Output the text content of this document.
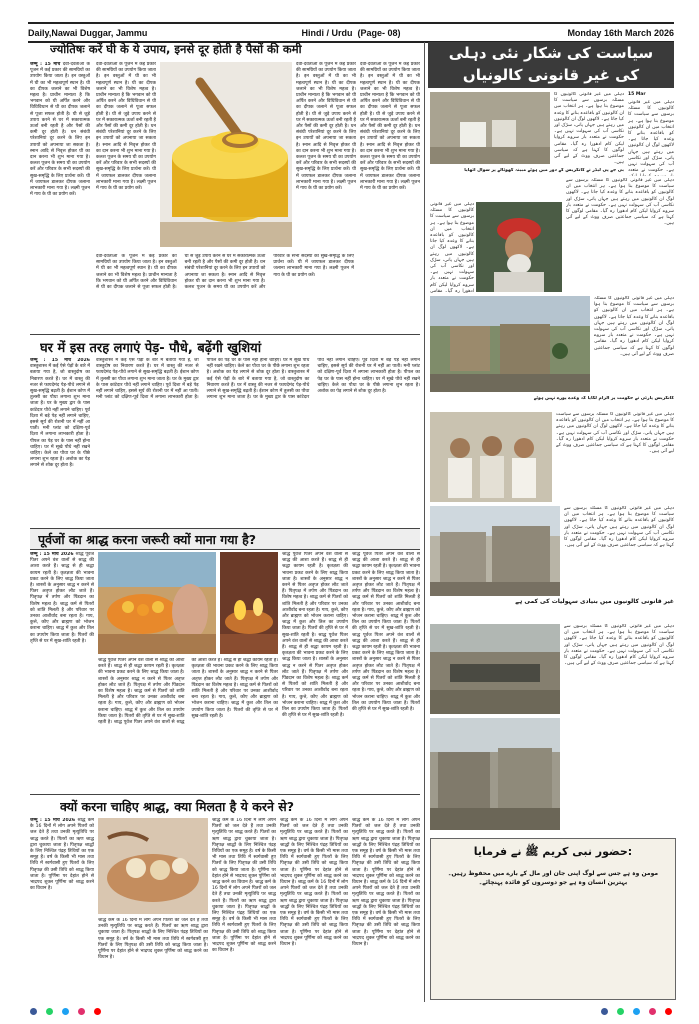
Daily,Nawai Duggar, Jammu	Hindi / Urdu (Page- 08)	Monday 16th March 2026
ज्योतिषः करें घी के ये उपाय, इनसे दूर होती है पैसों की कमी
जम्मू : 15 मार्च देवी-देवताओं के पूजन में कई प्रकार की सामग्रियों का उपयोग किया जाता है। इन वस्तुओं में घी का भी महत्वपूर्ण स्थान है। घी का दीपक जलाने का भी विशेष महत्व है। प्राचीन मान्यता है कि भगवान को घी अर्पित करने और विधिविधान से घी का दीपक जलाने से पूजा सफल होती है। घी से जुड़े उपाय करने से घर में सकारात्मक ऊर्जा बनी रहती है और पैसों की कमी दूर होती है। धन संबंधी परेशानियां दूर करने के लिए इन उपायों को अपनाया जा सकता है। स्नान आदि से निवृत्त होकर घी का दान करना भी शुभ माना गया है। कलश पूजन के समय घी का उपयोग करें और परिवार के सभी सदस्यों की सुख-समृद्धि के लिए प्रार्थना करें। घी में जायफल डालकर दीपक जलाना लाभकारी माना गया है। लक्ष्मी पूजन में गाय के घी का प्रयोग करें।
देवी-देवताओं के पूजन में कई प्रकार की सामग्रियों का उपयोग किया जाता है। इन वस्तुओं में घी का भी महत्वपूर्ण स्थान है। घी का दीपक जलाने का भी विशेष महत्व है। प्राचीन मान्यता है कि भगवान को घी अर्पित करने और विधिविधान से घी का दीपक जलाने से पूजा सफल होती है। घी से जुड़े उपाय करने से घर में सकारात्मक ऊर्जा बनी रहती है और पैसों की कमी दूर होती है। धन संबंधी परेशानियां दूर करने के लिए इन उपायों को अपनाया जा सकता है। स्नान आदि से निवृत्त होकर घी का दान करना भी शुभ माना गया है। कलश पूजन के समय घी का उपयोग करें और परिवार के सभी सदस्यों की सुख-समृद्धि के लिए प्रार्थना करें। घी में जायफल डालकर दीपक जलाना लाभकारी माना गया है। लक्ष्मी पूजन में गाय के घी का प्रयोग करें।
देवी-देवताओं के पूजन में कई प्रकार की सामग्रियों का उपयोग किया जाता है। इन वस्तुओं में घी का भी महत्वपूर्ण स्थान है। घी का दीपक जलाने का भी विशेष महत्व है। प्राचीन मान्यता है कि भगवान को घी अर्पित करने और विधिविधान से घी का दीपक जलाने से पूजा सफल होती है। घी से जुड़े उपाय करने से घर में सकारात्मक ऊर्जा बनी रहती है और पैसों की कमी दूर होती है। धन संबंधी परेशानियां दूर करने के लिए इन उपायों को अपनाया जा सकता है। स्नान आदि से निवृत्त होकर घी का दान करना भी शुभ माना गया है। कलश पूजन के समय घी का उपयोग करें और परिवार के सभी सदस्यों की सुख-समृद्धि के लिए प्रार्थना करें। घी में जायफल डालकर दीपक जलाना लाभकारी माना गया है। लक्ष्मी पूजन में गाय के घी का प्रयोग करें।
देवी-देवताओं के पूजन में कई प्रकार की सामग्रियों का उपयोग किया जाता है। इन वस्तुओं में घी का भी महत्वपूर्ण स्थान है। घी का दीपक जलाने का भी विशेष महत्व है। प्राचीन मान्यता है कि भगवान को घी अर्पित करने और विधिविधान से घी का दीपक जलाने से पूजा सफल होती है। घी से जुड़े उपाय करने से घर में सकारात्मक ऊर्जा बनी रहती है और पैसों की कमी दूर होती है। धन संबंधी परेशानियां दूर करने के लिए इन उपायों को अपनाया जा सकता है। स्नान आदि से निवृत्त होकर घी का दान करना भी शुभ माना गया है। कलश पूजन के समय घी का उपयोग करें और परिवार के सभी सदस्यों की सुख-समृद्धि के लिए प्रार्थना करें। घी में जायफल डालकर दीपक जलाना लाभकारी माना गया है। लक्ष्मी पूजन में गाय के घी का प्रयोग करें।
देवी-देवताओं के पूजन में कई प्रकार की सामग्रियों का उपयोग किया जाता है। इन वस्तुओं में घी का भी महत्वपूर्ण स्थान है। घी का दीपक जलाने का भी विशेष महत्व है। प्राचीन मान्यता है कि भगवान को घी अर्पित करने और विधिविधान से घी का दीपक जलाने से पूजा सफल होती है। घी से जुड़े उपाय करने से घर में सकारात्मक ऊर्जा बनी रहती है और पैसों की कमी दूर होती है। धन संबंधी परेशानियां दूर करने के लिए इन उपायों को अपनाया जा सकता है। स्नान आदि से निवृत्त होकर घी का दान करना भी शुभ माना गया है। कलश पूजन के समय घी का उपयोग करें और परिवार के सभी सदस्यों की सुख-समृद्धि के लिए प्रार्थना करें। घी में जायफल डालकर दीपक जलाना लाभकारी माना गया है। लक्ष्मी पूजन में गाय के घी का प्रयोग करें।
घर में इस तरह लगाएं पेड़- पौधे, बढ़ेंगी खुशियां
जम्मू : 15 मार्च 2026 वास्तुशास्त्र में कई ऐसे पेड़ों के बारे में बताया गया है, जो वास्तुदोष का निवारण करते हैं। घर में वास्तु की नजर से फायदेमंद पेड़-पौधे लगाने से सुख-समृद्धि बढ़ती है। ईशान कोण में तुलसी का पौधा लगाना शुभ माना जाता है। घर के मुख्य द्वार के पास कांटेदार पौधे नहीं लगाने चाहिए। पूर्व दिशा में बड़े पेड़ नहीं लगाने चाहिए, इससे सूर्य की रोशनी घर में नहीं आ पाती। मनी प्लांट को दक्षिण-पूर्व दिशा में लगाना लाभकारी होता है। पीपल का पेड़ घर के पास नहीं होना चाहिए। घर में सूखे पौधे नहीं रखने चाहिए। केले का पौधा घर के पीछे लगाना शुभ रहता है। अशोक का पेड़ लगाने से शोक दूर होता है।
वास्तुशास्त्र में कई ऐसे पेड़ों के बारे में बताया गया है, जो वास्तुदोष का निवारण करते हैं। घर में वास्तु की नजर से फायदेमंद पेड़-पौधे लगाने से सुख-समृद्धि बढ़ती है। ईशान कोण में तुलसी का पौधा लगाना शुभ माना जाता है। घर के मुख्य द्वार के पास कांटेदार पौधे नहीं लगाने चाहिए। पूर्व दिशा में बड़े पेड़ नहीं लगाने चाहिए, इससे सूर्य की रोशनी घर में नहीं आ पाती। मनी प्लांट को दक्षिण-पूर्व दिशा में लगाना लाभकारी होता है। पीपल का पेड़ घर के पास नहीं होना चाहिए। घर में सूखे पौधे नहीं रखने चाहिए। केले का पौधा घर के पीछे लगाना शुभ रहता है। अशोक का पेड़ लगाने से शोक दूर होता है। वास्तुशास्त्र में कई ऐसे पेड़ों के बारे में बताया गया है, जो वास्तुदोष का निवारण करते हैं। घर में वास्तु की नजर से फायदेमंद पेड़-पौधे लगाने से सुख-समृद्धि बढ़ती है। ईशान कोण में तुलसी का पौधा लगाना शुभ माना जाता है। घर के मुख्य द्वार के पास कांटेदार पौधे नहीं लगाने चाहिए। पूर्व दिशा में बड़े पेड़ नहीं लगाने चाहिए, इससे सूर्य की रोशनी घर में नहीं आ पाती। मनी प्लांट को दक्षिण-पूर्व दिशा में लगाना लाभकारी होता है। पीपल का पेड़ घर के पास नहीं होना चाहिए। घर में सूखे पौधे नहीं रखने चाहिए। केले का पौधा घर के पीछे लगाना शुभ रहता है। अशोक का पेड़ लगाने से शोक दूर होता है।
पूर्वजों का श्राद्ध करना जरूरी क्यों माना गया है?
जम्मू : 15 मार्च 2026 श्राद्ध पूर्वज पितर अपने वंश वालों से श्राद्ध की आशा करते हैं। श्राद्ध से ही श्रद्धा कायम रहती है। कृतज्ञता की भावना प्रकट करने के लिए श्राद्ध किया जाता है। शास्त्रों के अनुसार श्राद्ध न करने से पितर अतृप्त होकर लौट जाते हैं। पितृपक्ष में तर्पण और पिंडदान का विशेष महत्व है। श्राद्ध कर्म से पितरों को शांति मिलती है और परिवार पर उनका आशीर्वाद बना रहता है। गाय, कुत्ते, कौए और ब्राह्मण को भोजन कराना चाहिए। श्राद्ध में कुश और तिल का उपयोग किया जाता है। पितरों की तृप्ति से घर में सुख-शांति रहती है।
श्राद्ध पूर्वज पितर अपने वंश वालों से श्राद्ध की आशा करते हैं। श्राद्ध से ही श्रद्धा कायम रहती है। कृतज्ञता की भावना प्रकट करने के लिए श्राद्ध किया जाता है। शास्त्रों के अनुसार श्राद्ध न करने से पितर अतृप्त होकर लौट जाते हैं। पितृपक्ष में तर्पण और पिंडदान का विशेष महत्व है। श्राद्ध कर्म से पितरों को शांति मिलती है और परिवार पर उनका आशीर्वाद बना रहता है। गाय, कुत्ते, कौए और ब्राह्मण को भोजन कराना चाहिए। श्राद्ध में कुश और तिल का उपयोग किया जाता है। पितरों की तृप्ति से घर में सुख-शांति रहती है। श्राद्ध पूर्वज पितर अपने वंश वालों से श्राद्ध की आशा करते हैं। श्राद्ध से ही श्रद्धा कायम रहती है। कृतज्ञता की भावना प्रकट करने के लिए श्राद्ध किया जाता है। शास्त्रों के अनुसार श्राद्ध न करने से पितर अतृप्त होकर लौट जाते हैं। पितृपक्ष में तर्पण और पिंडदान का विशेष महत्व है। श्राद्ध कर्म से पितरों को शांति मिलती है और परिवार पर उनका आशीर्वाद बना रहता है। गाय, कुत्ते, कौए और ब्राह्मण को भोजन कराना चाहिए। श्राद्ध में कुश और तिल का उपयोग किया जाता है। पितरों की तृप्ति से घर में सुख-शांति रहती है।
श्राद्ध पूर्वज पितर अपने वंश वालों से श्राद्ध की आशा करते हैं। श्राद्ध से ही श्रद्धा कायम रहती है। कृतज्ञता की भावना प्रकट करने के लिए श्राद्ध किया जाता है। शास्त्रों के अनुसार श्राद्ध न करने से पितर अतृप्त होकर लौट जाते हैं। पितृपक्ष में तर्पण और पिंडदान का विशेष महत्व है। श्राद्ध कर्म से पितरों को शांति मिलती है और परिवार पर उनका आशीर्वाद बना रहता है। गाय, कुत्ते, कौए और ब्राह्मण को भोजन कराना चाहिए। श्राद्ध में कुश और तिल का उपयोग किया जाता है। पितरों की तृप्ति से घर में सुख-शांति रहती है। श्राद्ध पूर्वज पितर अपने वंश वालों से श्राद्ध की आशा करते हैं। श्राद्ध से ही श्रद्धा कायम रहती है। कृतज्ञता की भावना प्रकट करने के लिए श्राद्ध किया जाता है। शास्त्रों के अनुसार श्राद्ध न करने से पितर अतृप्त होकर लौट जाते हैं। पितृपक्ष में तर्पण और पिंडदान का विशेष महत्व है। श्राद्ध कर्म से पितरों को शांति मिलती है और परिवार पर उनका आशीर्वाद बना रहता है। गाय, कुत्ते, कौए और ब्राह्मण को भोजन कराना चाहिए। श्राद्ध में कुश और तिल का उपयोग किया जाता है। पितरों की तृप्ति से घर में सुख-शांति रहती है।
श्राद्ध पूर्वज पितर अपने वंश वालों से श्राद्ध की आशा करते हैं। श्राद्ध से ही श्रद्धा कायम रहती है। कृतज्ञता की भावना प्रकट करने के लिए श्राद्ध किया जाता है। शास्त्रों के अनुसार श्राद्ध न करने से पितर अतृप्त होकर लौट जाते हैं। पितृपक्ष में तर्पण और पिंडदान का विशेष महत्व है। श्राद्ध कर्म से पितरों को शांति मिलती है और परिवार पर उनका आशीर्वाद बना रहता है। गाय, कुत्ते, कौए और ब्राह्मण को भोजन कराना चाहिए। श्राद्ध में कुश और तिल का उपयोग किया जाता है। पितरों की तृप्ति से घर में सुख-शांति रहती है। श्राद्ध पूर्वज पितर अपने वंश वालों से श्राद्ध की आशा करते हैं। श्राद्ध से ही श्रद्धा कायम रहती है। कृतज्ञता की भावना प्रकट करने के लिए श्राद्ध किया जाता है। शास्त्रों के अनुसार श्राद्ध न करने से पितर अतृप्त होकर लौट जाते हैं। पितृपक्ष में तर्पण और पिंडदान का विशेष महत्व है। श्राद्ध कर्म से पितरों को शांति मिलती है और परिवार पर उनका आशीर्वाद बना रहता है। गाय, कुत्ते, कौए और ब्राह्मण को भोजन कराना चाहिए। श्राद्ध में कुश और तिल का उपयोग किया जाता है। पितरों की तृप्ति से घर में सुख-शांति रहती है।
क्यों करना चाहिए श्राद्ध, क्या मिलता है ये करने से?
जम्मू : 15 मार्च 2026 श्राद्ध कर्म के 16 दिनों में लोग अपने पितरों को जल देते हैं तथा उनकी मृत्युतिथि पर श्राद्ध करते हैं। पितरों का ऋण श्राद्ध द्वारा चुकाया जाता है। पितृपक्ष श्राद्धों के लिए निश्चित पंद्रह तिथियों का एक समूह है। वर्ष के किसी भी मास तथा तिथि में स्वर्गवासी हुए पितरों के लिए पितृपक्ष की उसी तिथि को श्राद्ध किया जाता है। पूर्णिमा पर देहांत होने से भाद्रपद शुक्ल पूर्णिमा को श्राद्ध करने का विधान है।
श्राद्ध कर्म के 16 दिनों में लोग अपने पितरों को जल देते हैं तथा उनकी मृत्युतिथि पर श्राद्ध करते हैं। पितरों का ऋण श्राद्ध द्वारा चुकाया जाता है। पितृपक्ष श्राद्धों के लिए निश्चित पंद्रह तिथियों का एक समूह है। वर्ष के किसी भी मास तथा तिथि में स्वर्गवासी हुए पितरों के लिए पितृपक्ष की उसी तिथि को श्राद्ध किया जाता है। पूर्णिमा पर देहांत होने से भाद्रपद शुक्ल पूर्णिमा को श्राद्ध करने का विधान है। श्राद्ध कर्म के 16 दिनों में लोग अपने पितरों को जल देते हैं तथा उनकी मृत्युतिथि पर श्राद्ध करते हैं। पितरों का ऋण श्राद्ध द्वारा चुकाया जाता है। पितृपक्ष श्राद्धों के लिए निश्चित पंद्रह तिथियों का एक समूह है। वर्ष के किसी भी मास तथा तिथि में स्वर्गवासी हुए पितरों के लिए पितृपक्ष की उसी तिथि को श्राद्ध किया जाता है। पूर्णिमा पर देहांत होने से भाद्रपद शुक्ल पूर्णिमा को श्राद्ध करने का विधान है।
श्राद्ध कर्म के 16 दिनों में लोग अपने पितरों को जल देते हैं तथा उनकी मृत्युतिथि पर श्राद्ध करते हैं। पितरों का ऋण श्राद्ध द्वारा चुकाया जाता है। पितृपक्ष श्राद्धों के लिए निश्चित पंद्रह तिथियों का एक समूह है। वर्ष के किसी भी मास तथा तिथि में स्वर्गवासी हुए पितरों के लिए पितृपक्ष की उसी तिथि को श्राद्ध किया जाता है। पूर्णिमा पर देहांत होने से भाद्रपद शुक्ल पूर्णिमा को श्राद्ध करने का विधान है। श्राद्ध कर्म के 16 दिनों में लोग अपने पितरों को जल देते हैं तथा उनकी मृत्युतिथि पर श्राद्ध करते हैं। पितरों का ऋण श्राद्ध द्वारा चुकाया जाता है। पितृपक्ष श्राद्धों के लिए निश्चित पंद्रह तिथियों का एक समूह है। वर्ष के किसी भी मास तथा तिथि में स्वर्गवासी हुए पितरों के लिए पितृपक्ष की उसी तिथि को श्राद्ध किया जाता है। पूर्णिमा पर देहांत होने से भाद्रपद शुक्ल पूर्णिमा को श्राद्ध करने का विधान है।
श्राद्ध कर्म के 16 दिनों में लोग अपने पितरों को जल देते हैं तथा उनकी मृत्युतिथि पर श्राद्ध करते हैं। पितरों का ऋण श्राद्ध द्वारा चुकाया जाता है। पितृपक्ष श्राद्धों के लिए निश्चित पंद्रह तिथियों का एक समूह है। वर्ष के किसी भी मास तथा तिथि में स्वर्गवासी हुए पितरों के लिए पितृपक्ष की उसी तिथि को श्राद्ध किया जाता है। पूर्णिमा पर देहांत होने से भाद्रपद शुक्ल पूर्णिमा को श्राद्ध करने का विधान है। श्राद्ध कर्म के 16 दिनों में लोग अपने पितरों को जल देते हैं तथा उनकी मृत्युतिथि पर श्राद्ध करते हैं। पितरों का ऋण श्राद्ध द्वारा चुकाया जाता है। पितृपक्ष श्राद्धों के लिए निश्चित पंद्रह तिथियों का एक समूह है। वर्ष के किसी भी मास तथा तिथि में स्वर्गवासी हुए पितरों के लिए पितृपक्ष की उसी तिथि को श्राद्ध किया जाता है। पूर्णिमा पर देहांत होने से भाद्रपद शुक्ल पूर्णिमा को श्राद्ध करने का विधान है।
श्राद्ध कर्म के 16 दिनों में लोग अपने पितरों को जल देते हैं तथा उनकी मृत्युतिथि पर श्राद्ध करते हैं। पितरों का ऋण श्राद्ध द्वारा चुकाया जाता है। पितृपक्ष श्राद्धों के लिए निश्चित पंद्रह तिथियों का एक समूह है। वर्ष के किसी भी मास तथा तिथि में स्वर्गवासी हुए पितरों के लिए पितृपक्ष की उसी तिथि को श्राद्ध किया जाता है। पूर्णिमा पर देहांत होने से भाद्रपद शुक्ल पूर्णिमा को श्राद्ध करने का विधान है।
سیاست کی شکار نئی دہلی
کی غیر قانونی کالونیاں
دہلی میں غیر قانونی کالونیوں کا مسئلہ برسوں سے سیاست کا موضوع بنا ہوا ہے۔ ہر انتخاب میں ان کالونیوں کو باقاعدہ بنانے کا وعدہ کیا جاتا ہے۔ لاکھوں لوگ ان کالونیوں میں رہتے ہیں جہاں پانی، سڑک اور نکاسی آب کی سہولت نہیں ہے۔ حکومت نے متعدد بار سروے کروایا لیکن کام ادھورا رہ گیا۔ مقامی لوگوں کا کہنا ہے کہ سیاسی جماعتیں صرف ووٹ کے لیے آتی ہیں۔
15 Mar
دہلی میں غیر قانونی کالونیوں کا مسئلہ برسوں سے سیاست کا موضوع بنا ہوا ہے۔ ہر انتخاب میں ان کالونیوں کو باقاعدہ بنانے کا وعدہ کیا جاتا ہے۔ لاکھوں لوگ ان کالونیوں میں رہتے ہیں جہاں پانی، سڑک اور نکاسی آب کی سہولت نہیں ہے۔ حکومت نے متعدد
بی جے پی لیڈر نے کانگریس کے دور میں ہوئے مبینہ گھوٹالے پر سوال اٹھایا
دہلی میں غیر قانونی کالونیوں کا مسئلہ برسوں سے سیاست کا موضوع بنا ہوا ہے۔ ہر انتخاب میں ان کالونیوں کو باقاعدہ بنانے کا وعدہ کیا جاتا ہے۔ لاکھوں لوگ ان کالونیوں میں رہتے ہیں جہاں پانی، سڑک اور نکاسی آب کی سہولت نہیں ہے۔ حکومت نے متعدد بار سروے کروایا لیکن کام ادھورا رہ گیا۔ مقامی
دہلی میں غیر قانونی کالونیوں کا مسئلہ برسوں سے سیاست کا موضوع بنا ہوا ہے۔ ہر انتخاب میں ان کالونیوں کو باقاعدہ بنانے کا وعدہ کیا جاتا ہے۔ لاکھوں لوگ ان کالونیوں میں رہتے ہیں جہاں پانی، سڑک اور نکاسی آب کی سہولت نہیں ہے۔ حکومت نے متعدد بار سروے کروایا لیکن کام ادھورا رہ گیا۔ مقامی لوگوں کا کہنا ہے کہ سیاسی جماعتیں صرف ووٹ کے لیے آتی ہیں۔
دہلی میں غیر قانونی کالونیوں کا مسئلہ برسوں سے سیاست کا موضوع بنا ہوا ہے۔ ہر انتخاب میں ان کالونیوں کو باقاعدہ بنانے کا وعدہ کیا جاتا ہے۔ لاکھوں لوگ ان کالونیوں میں رہتے ہیں جہاں پانی، سڑک اور نکاسی آب کی سہولت نہیں ہے۔ حکومت نے متعدد بار سروے کروایا لیکن کام ادھورا رہ گیا۔ مقامی لوگوں کا کہنا ہے کہ سیاسی جماعتیں صرف ووٹ کے لیے آتی ہیں۔
کانگریس پارٹی نے حکومت پر الزام لگایا کہ وعدے پورے نہیں ہوئے
دہلی میں غیر قانونی کالونیوں کا مسئلہ برسوں سے سیاست کا موضوع بنا ہوا ہے۔ ہر انتخاب میں ان کالونیوں کو باقاعدہ بنانے کا وعدہ کیا جاتا ہے۔ لاکھوں لوگ ان کالونیوں میں رہتے ہیں جہاں پانی، سڑک اور نکاسی آب کی سہولت نہیں ہے۔ حکومت نے متعدد بار سروے کروایا لیکن کام ادھورا رہ گیا۔ مقامی لوگوں کا کہنا ہے کہ سیاسی جماعتیں صرف ووٹ کے لیے آتی ہیں۔
دہلی میں غیر قانونی کالونیوں کا مسئلہ برسوں سے سیاست کا موضوع بنا ہوا ہے۔ ہر انتخاب میں ان کالونیوں کو باقاعدہ بنانے کا وعدہ کیا جاتا ہے۔ لاکھوں لوگ ان کالونیوں میں رہتے ہیں جہاں پانی، سڑک اور نکاسی آب کی سہولت نہیں ہے۔ حکومت نے متعدد بار سروے کروایا لیکن کام ادھورا رہ گیا۔ مقامی لوگوں کا کہنا ہے کہ سیاسی جماعتیں صرف ووٹ کے لیے آتی ہیں۔
غیر قانونی کالونیوں میں بنیادی سہولیات کی کمی ہے
دہلی میں غیر قانونی کالونیوں کا مسئلہ برسوں سے سیاست کا موضوع بنا ہوا ہے۔ ہر انتخاب میں ان کالونیوں کو باقاعدہ بنانے کا وعدہ کیا جاتا ہے۔ لاکھوں لوگ ان کالونیوں میں رہتے ہیں جہاں پانی، سڑک اور نکاسی آب کی سہولت نہیں ہے۔ حکومت نے متعدد بار سروے کروایا لیکن کام ادھورا رہ گیا۔ مقامی لوگوں کا کہنا ہے کہ سیاسی جماعتیں صرف ووٹ کے لیے آتی ہیں۔
حضور نبی کریم ﷺ نے فرمایا:
مومن وہ ہے جس سے لوگ اپنی جان اور مال کے بارے میں محفوظ رہیں۔ بہترین انسان وہ ہے جو دوسروں کو فائدہ پہنچائے۔
